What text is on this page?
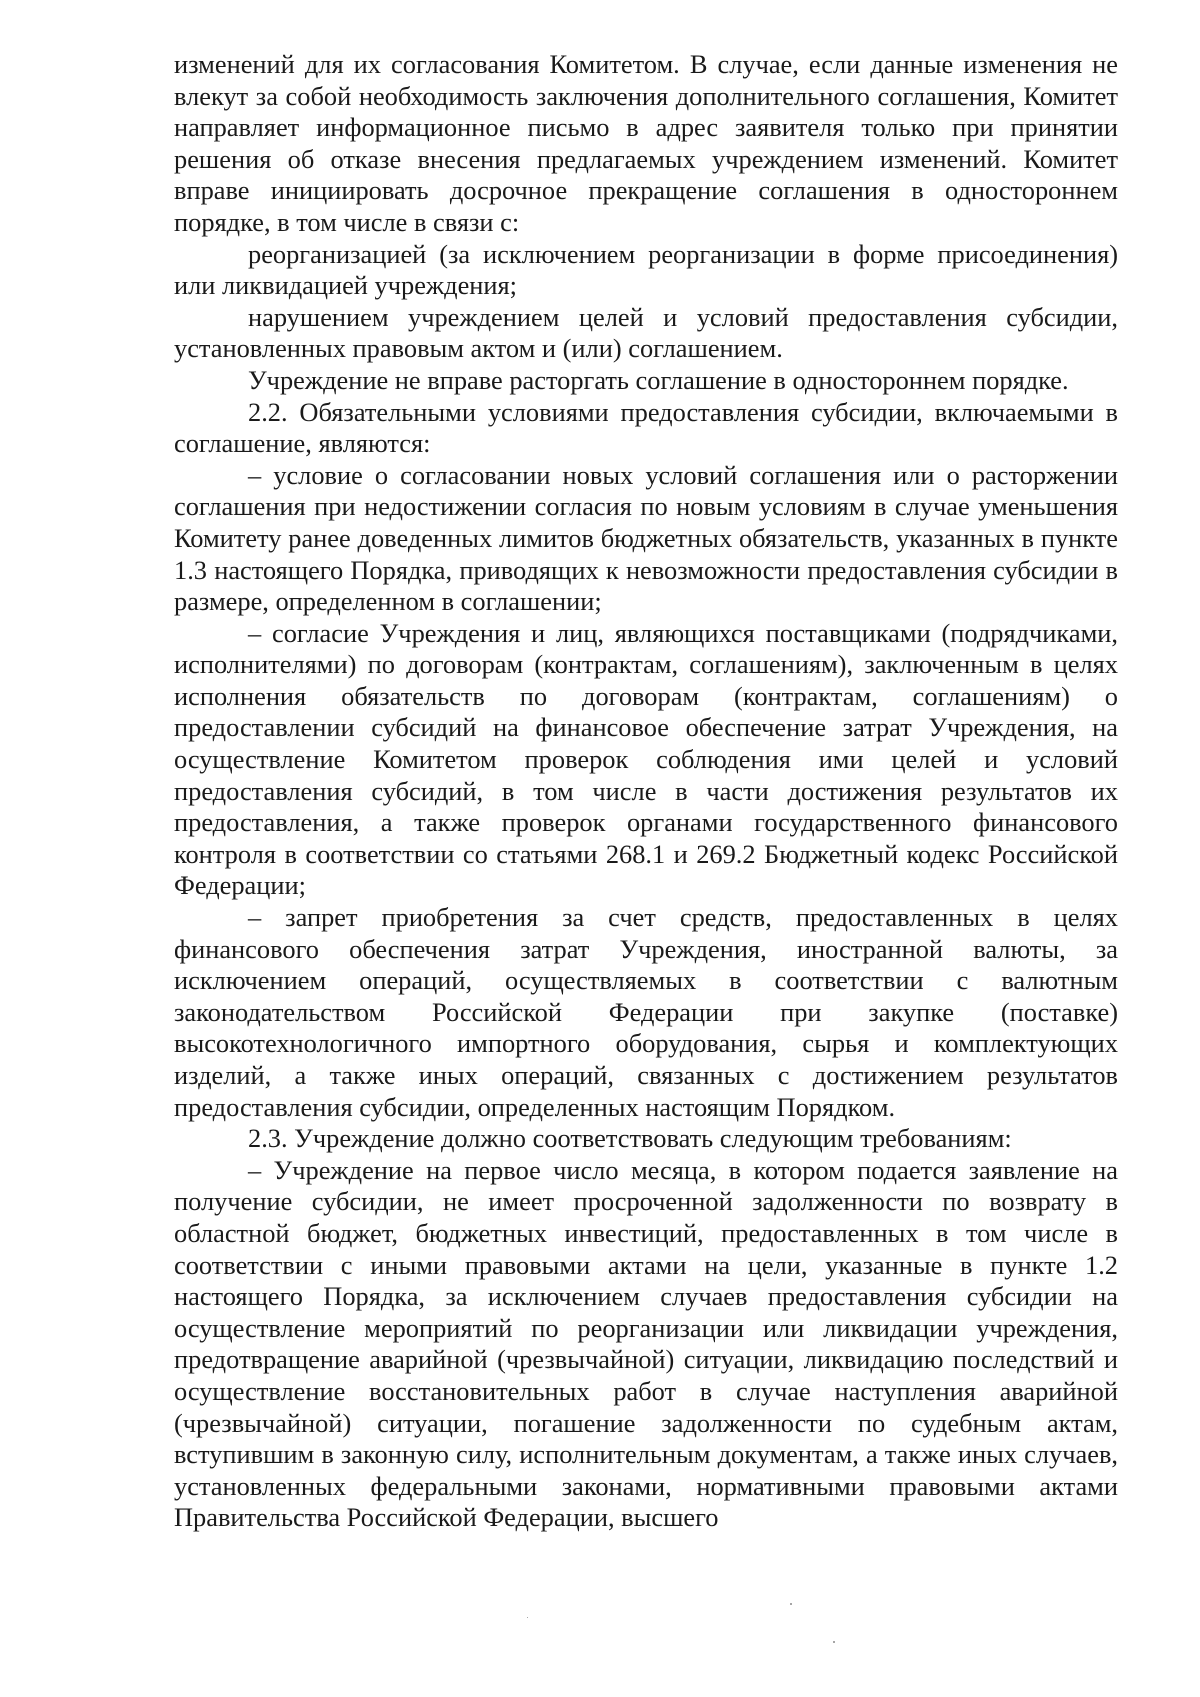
изменений для их согласования Комитетом. В случае, если данные изменения не влекут за собой необходимость заключения дополнительного соглашения, Комитет направляет информационное письмо в адрес заявителя только при принятии решения об отказе внесения предлагаемых учреждением изменений. Комитет вправе инициировать досрочное прекращение соглашения в одностороннем порядке, в том числе в связи с:

реорганизацией (за исключением реорганизации в форме присоединения) или ликвидацией учреждения;

нарушением учреждением целей и условий предоставления субсидии, установленных правовым актом и (или) соглашением.

Учреждение не вправе расторгать соглашение в одностороннем порядке.

2.2. Обязательными условиями предоставления субсидии, включаемыми в соглашение, являются:

– условие о согласовании новых условий соглашения или о расторжении соглашения при недостижении согласия по новым условиям в случае уменьшения Комитету ранее доведенных лимитов бюджетных обязательств, указанных в пункте 1.3 настоящего Порядка, приводящих к невозможности предоставления субсидии в размере, определенном в соглашении;

– согласие Учреждения и лиц, являющихся поставщиками (подрядчиками, исполнителями) по договорам (контрактам, соглашениям), заключенным в целях исполнения обязательств по договорам (контрактам, соглашениям) о предоставлении субсидий на финансовое обеспечение затрат Учреждения, на осуществление Комитетом проверок соблюдения ими целей и условий предоставления субсидий, в том числе в части достижения результатов их предоставления, а также проверок органами государственного финансового контроля в соответствии со статьями 268.1 и 269.2 Бюджетный кодекс Российской Федерации;

– запрет приобретения за счет средств, предоставленных в целях финансового обеспечения затрат Учреждения, иностранной валюты, за исключением операций, осуществляемых в соответствии с валютным законодательством Российской Федерации при закупке (поставке) высокотехнологичного импортного оборудования, сырья и комплектующих изделий, а также иных операций, связанных с достижением результатов предоставления субсидии, определенных настоящим Порядком.

2.3. Учреждение должно соответствовать следующим требованиям:

– Учреждение на первое число месяца, в котором подается заявление на получение субсидии, не имеет просроченной задолженности по возврату в областной бюджет, бюджетных инвестиций, предоставленных в том числе в соответствии с иными правовыми актами на цели, указанные в пункте 1.2 настоящего Порядка, за исключением случаев предоставления субсидии на осуществление мероприятий по реорганизации или ликвидации учреждения, предотвращение аварийной (чрезвычайной) ситуации, ликвидацию последствий и осуществление восстановительных работ в случае наступления аварийной (чрезвычайной) ситуации, погашение задолженности по судебным актам, вступившим в законную силу, исполнительным документам, а также иных случаев, установленных федеральными законами, нормативными правовыми актами Правительства Российской Федерации, высшего
